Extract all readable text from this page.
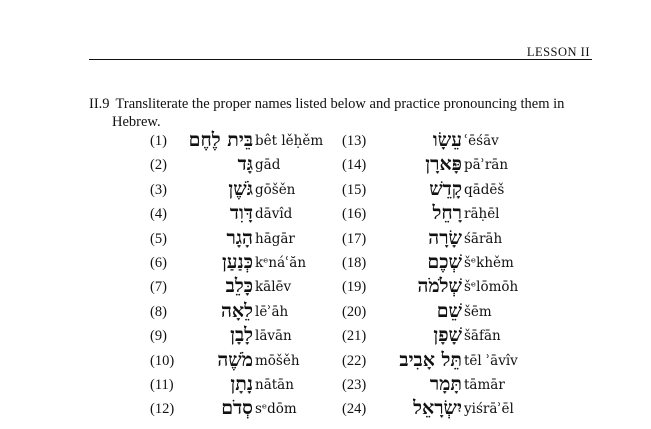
LESSON II
II.9 Transliterate the proper names listed below and practice pronouncing them in
Hebrew.
(1)	בֵּית לֶחֶם bêt lěḥěm
(2)	גָּד gād
(3)	גֹּשֶׁן gōšěn
(4)	דָּוִד dāvîd
(5)	הָגָר hāgār
(6)	כְּנַעַן kᵉnáʿăn
(7)	כָּלֵב kālēv
(8)	לֵאָה lēʾāh
(9)	לָבָן lāvān
(10)	מֹשֶׁה mōšěh
(11)	נָתָן nātān
(12)	סְדֹם sᵉdōm
(13)	עֵשָׂו ʿēśāv
(14)	פָּארָן pāʾrān
(15)	קָדֵשׁ qādēš
(16)	רָחֵל rāḥēl
(17)	שָׂרָה śārāh
(18)	שְׁכֶם šᵉkhěm
(19)	שְׁלֹמֹה šᵉlōmōh
(20)	שֵׁם šēm
(21)	שָׁפָן šāfān
(22)	תֵּל אָבִיב tēl ʾāvîv
(23)	תָּמָר tāmār
(24)	יִשְׂרָאֵל yiśrāʾēl
